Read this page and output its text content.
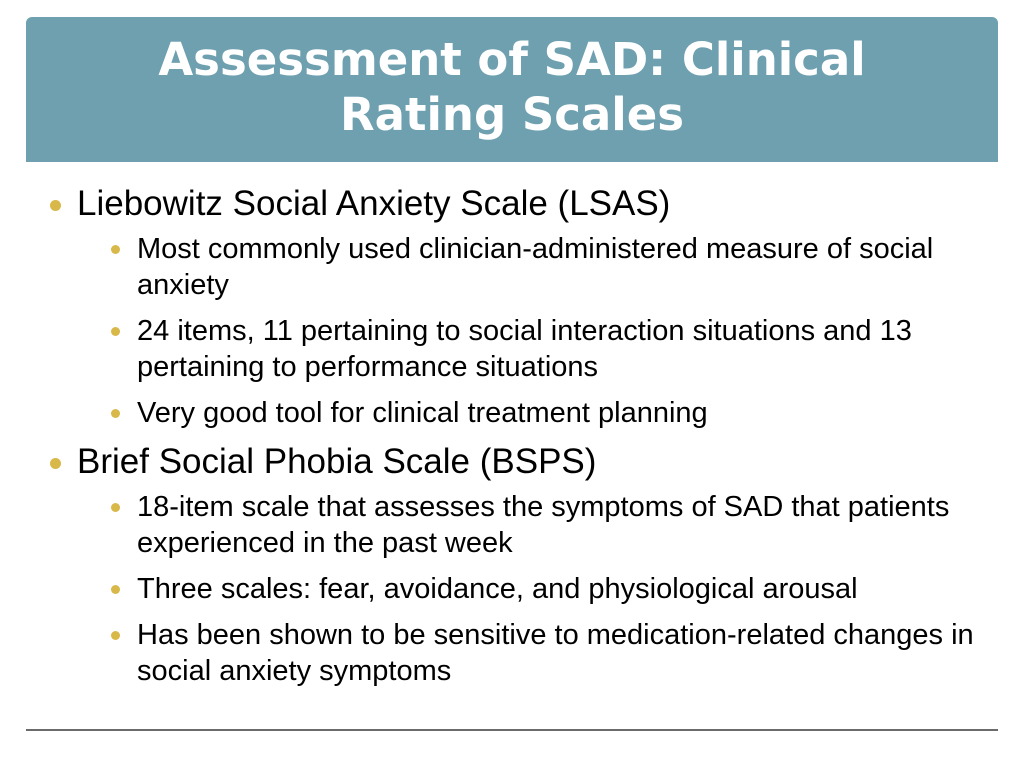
Assessment of SAD: Clinical Rating Scales
Liebowitz Social Anxiety Scale (LSAS)
Most commonly used clinician-administered measure of social anxiety
24 items, 11 pertaining to social interaction situations and 13 pertaining to performance situations
Very good tool for clinical treatment planning
Brief Social Phobia Scale (BSPS)
18-item scale that assesses the symptoms of SAD that patients experienced in the past week
Three scales: fear, avoidance, and physiological arousal
Has been shown to be sensitive to medication-related changes in social anxiety symptoms
